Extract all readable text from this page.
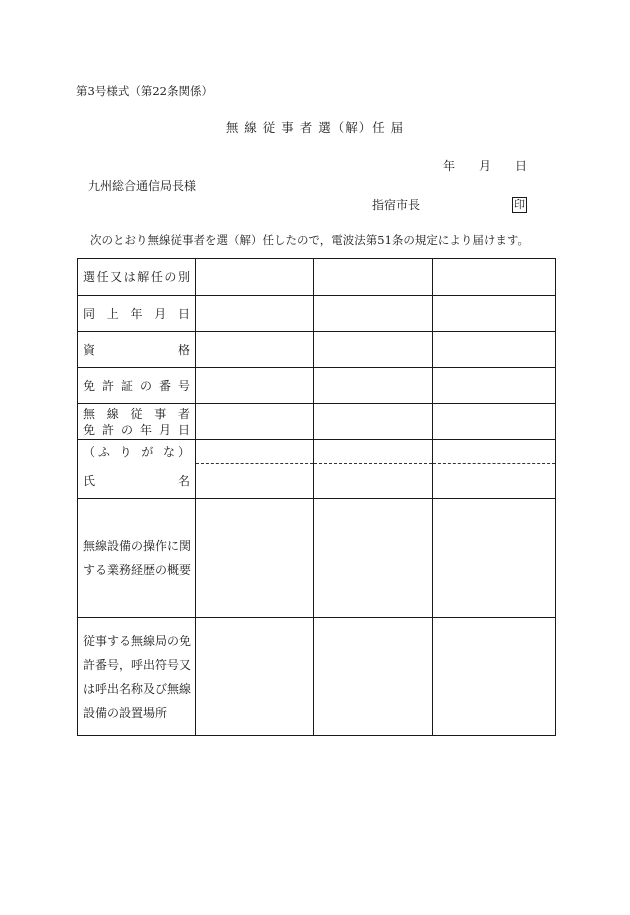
第3号様式（第22条関係）
無 線 従 事 者 選（解）任 届
年　　月　　日
九州総合通信局長様
指宿市長	印
次のとおり無線従事者を選（解）任したので，電波法第51条の規定により届けます。
選任又は解任の別
同 上 年 月 日
資 格
免 許 証 の 番 号
無 線 従 事 者
免 許 の 年 月 日
（ふ り が な）
氏 名
無線設備の操作に関
する業務経歴の概要
従事する無線局の免
許番号，呼出符号又
は呼出名称及び無線
設備の設置場所
